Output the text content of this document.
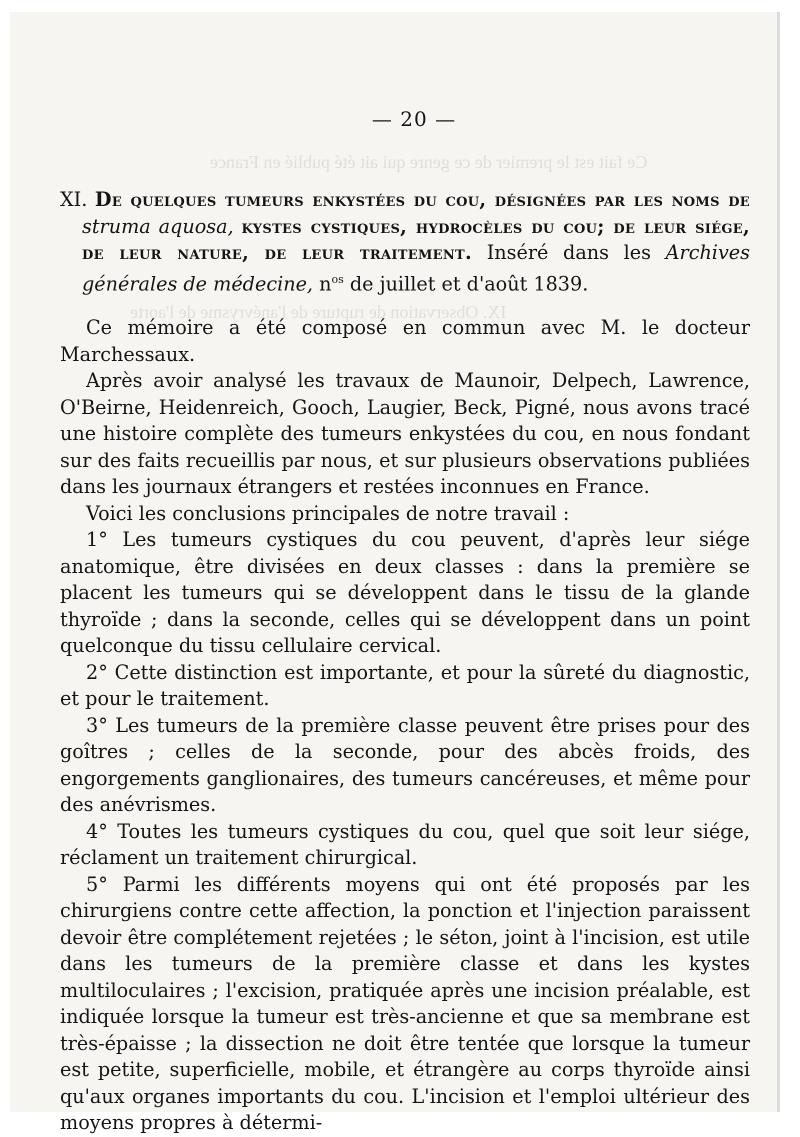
Ce fait est le premier de ce genre qui ait été publié en France
IX. Observation de rupture de l'anévrysme de l'aorte
— 20 —

XI. De quelques tumeurs enkystées du cou, désignées par les noms de struma aquosa, kystes cystiques, hydrocèles du cou; de leur siége, de leur nature, de leur traitement. Inséré dans les Archives générales de médecine, $n^{os}$ de juillet et d'août 1839.

Ce mémoire a été composé en commun avec M. le docteur Marchessaux.

Après avoir analysé les travaux de Maunoir, Delpech, Lawrence, O'Beirne, Heidenreich, Gooch, Laugier, Beck, Pigné, nous avons tracé une histoire complète des tumeurs enkystées du cou, en nous fondant sur des faits recueillis par nous, et sur plusieurs observations publiées dans les journaux étrangers et restées inconnues en France.

Voici les conclusions principales de notre travail :

1° Les tumeurs cystiques du cou peuvent, d'après leur siége anatomique, être divisées en deux classes : dans la première se placent les tumeurs qui se développent dans le tissu de la glande thyroïde ; dans la seconde, celles qui se développent dans un point quelconque du tissu cellulaire cervical.

2° Cette distinction est importante, et pour la sûreté du diagnostic, et pour le traitement.

3° Les tumeurs de la première classe peuvent être prises pour des goîtres ; celles de la seconde, pour des abcès froids, des engorgements ganglionaires, des tumeurs cancéreuses, et même pour des anévrismes.

4° Toutes les tumeurs cystiques du cou, quel que soit leur siége, réclament un traitement chirurgical.

5° Parmi les différents moyens qui ont été proposés par les chirurgiens contre cette affection, la ponction et l'injection paraissent devoir être complétement rejetées ; le séton, joint à l'incision, est utile dans les tumeurs de la première classe et dans les kystes multiloculaires ; l'excision, pratiquée après une incision préalable, est indiquée lorsque la tumeur est très-ancienne et que sa membrane est très-épaisse ; la dissection ne doit être tentée que lorsque la tumeur est petite, superficielle, mobile, et étrangère au corps thyroïde ainsi qu'aux organes importants du cou. L'incision et l'emploi ultérieur des moyens propres à détermi-
